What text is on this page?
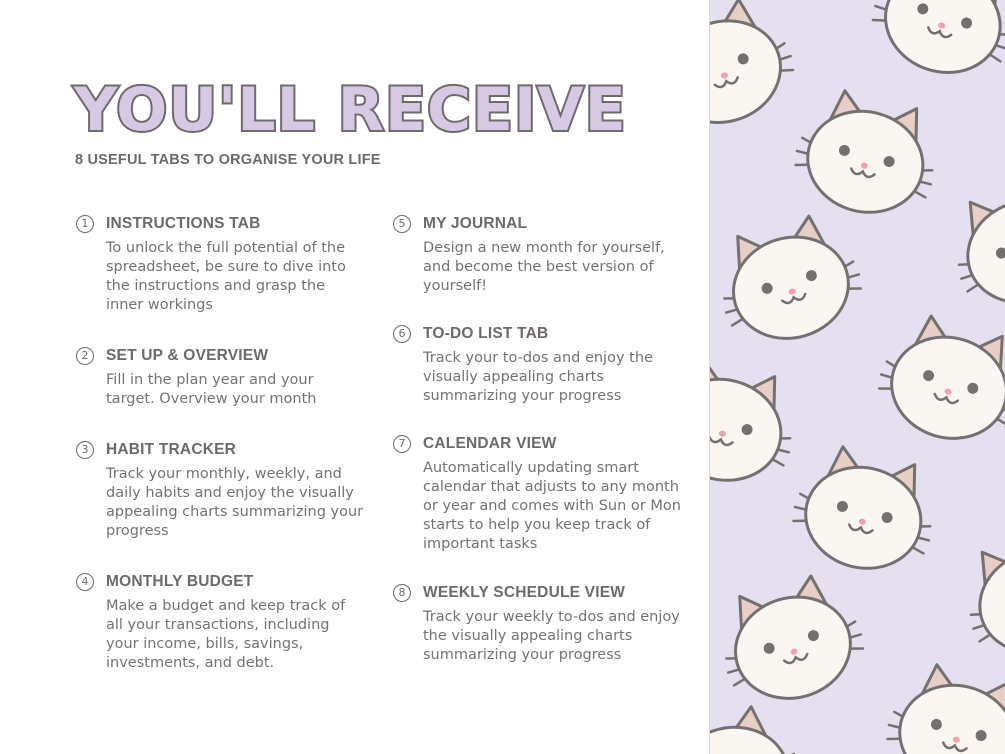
YOU'LL RECEIVE
8 USEFUL TABS TO ORGANISE YOUR LIFE
1	INSTRUCTIONS TAB

To unlock the full potential of the spreadsheet, be sure to dive into the instructions and grasp the inner workings

2	SET UP & OVERVIEW

Fill in the plan year and your target. Overview your month

3	HABIT TRACKER

Track your monthly, weekly, and daily habits and enjoy the visually appealing charts summarizing your progress

4	MONTHLY BUDGET

Make a budget and keep track of all your transactions, including your income, bills, savings, investments, and debt.

5	MY JOURNAL

Design a new month for yourself, and become the best version of yourself!

6	TO-DO LIST TAB

Track your to-dos and enjoy the visually appealing charts summarizing your progress

7	CALENDAR VIEW

Automatically updating smart calendar that adjusts to any month or year and comes with Sun or Mon starts to help you keep track of important tasks

8	WEEKLY SCHEDULE VIEW

Track your weekly to-dos and enjoy the visually appealing charts summarizing your progress
